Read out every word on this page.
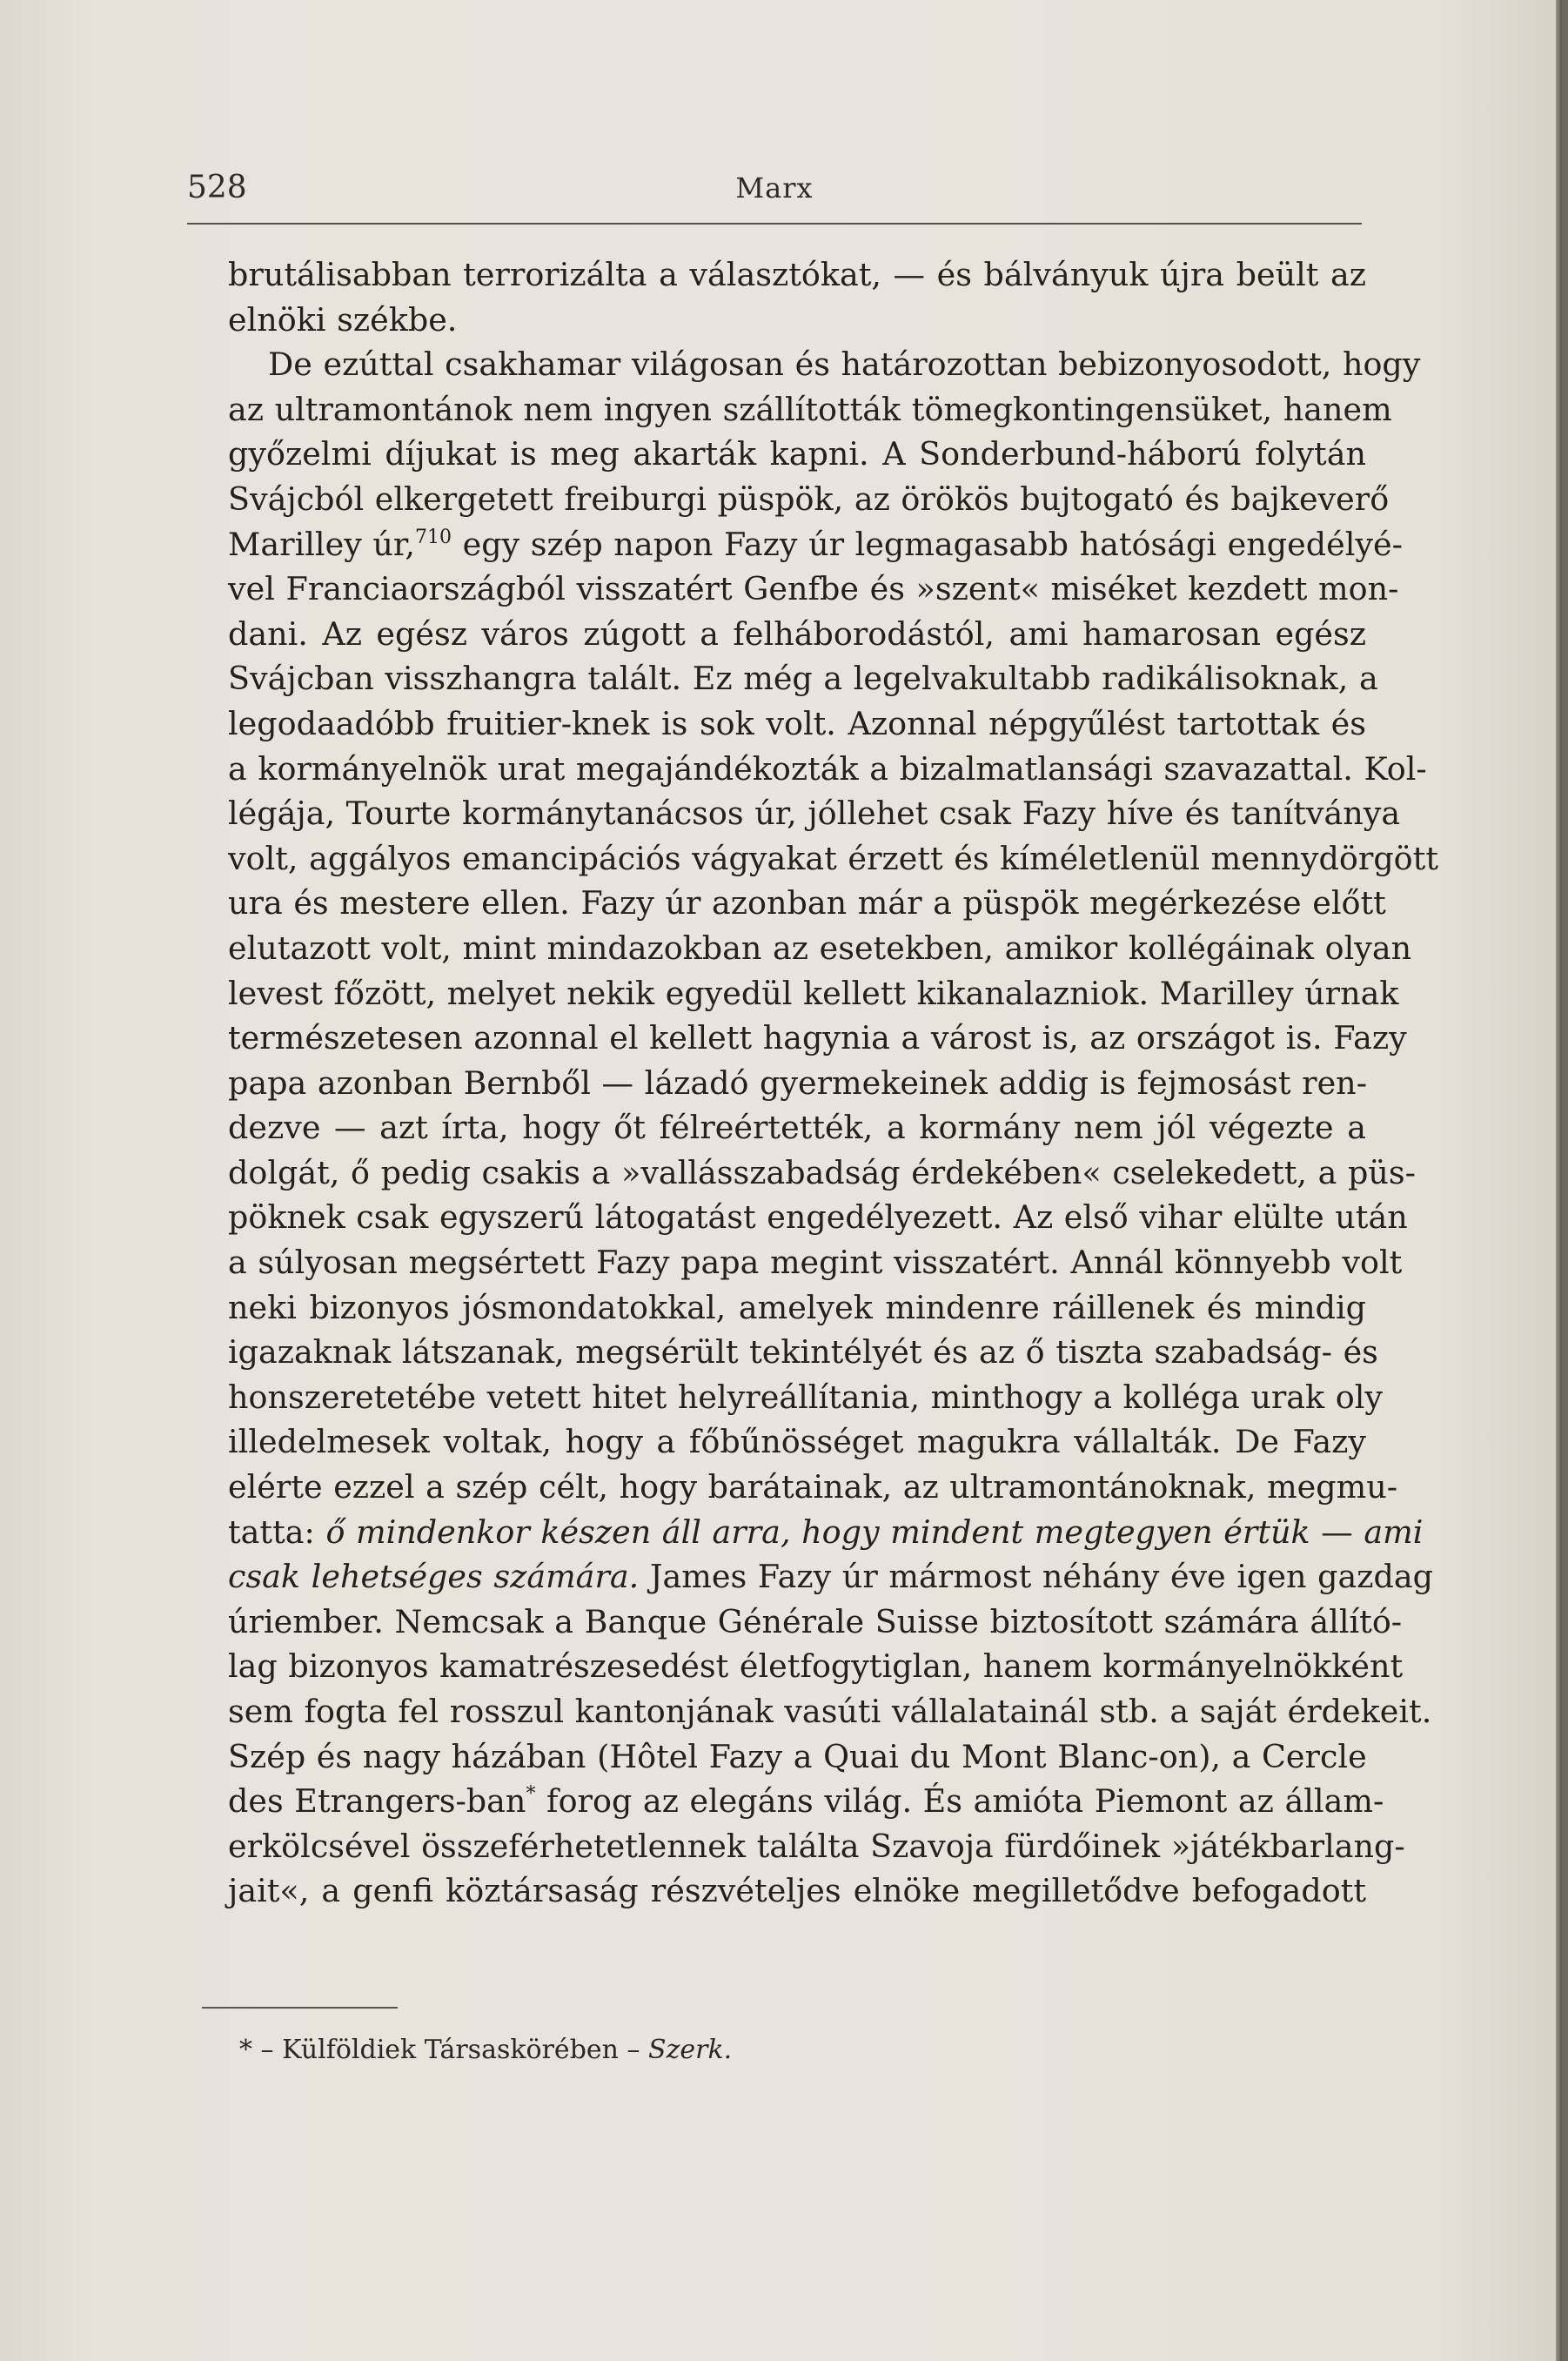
528	Marx
brutálisabban terrorizálta a választókat, — és bálványuk újra beült az
elnöki székbe.
De ezúttal csakhamar világosan és határozottan bebizonyosodott, hogy
az ultramontánok nem ingyen szállították tömegkontingensüket, hanem
győzelmi díjukat is meg akarták kapni. A Sonderbund-háború folytán
Svájcból elkergetett freiburgi püspök, az örökös bujtogató és bajkeverő
Marilley úr,$^{710}$ egy szép napon Fazy úr legmagasabb hatósági engedélyé-
vel Franciaországból visszatért Genfbe és »szent« miséket kezdett mon-
dani. Az egész város zúgott a felháborodástól, ami hamarosan egész
Svájcban visszhangra talált. Ez még a legelvakultabb radikálisoknak, a
legodaadóbb fruitier-knek is sok volt. Azonnal népgyűlést tartottak és
a kormányelnök urat megajándékozták a bizalmatlansági szavazattal. Kol-
légája, Tourte kormánytanácsos úr, jóllehet csak Fazy híve és tanítványa
volt, aggályos emancipációs vágyakat érzett és kíméletlenül mennydörgött
ura és mestere ellen. Fazy úr azonban már a püspök megérkezése előtt
elutazott volt, mint mindazokban az esetekben, amikor kollégáinak olyan
levest főzött, melyet nekik egyedül kellett kikanalazniok. Marilley úrnak
természetesen azonnal el kellett hagynia a várost is, az országot is. Fazy
papa azonban Bernből — lázadó gyermekeinek addig is fejmosást ren-
dezve — azt írta, hogy őt félreértették, a kormány nem jól végezte a
dolgát, ő pedig csakis a »vallásszabadság érdekében« cselekedett, a püs-
pöknek csak egyszerű látogatást engedélyezett. Az első vihar elülte után
a súlyosan megsértett Fazy papa megint visszatért. Annál könnyebb volt
neki bizonyos jósmondatokkal, amelyek mindenre ráillenek és mindig
igazaknak látszanak, megsérült tekintélyét és az ő tiszta szabadság- és
honszeretetébe vetett hitet helyreállítania, minthogy a kolléga urak oly
illedelmesek voltak, hogy a főbűnösséget magukra vállalták. De Fazy
elérte ezzel a szép célt, hogy barátainak, az ultramontánoknak, megmu-
tatta: ő mindenkor készen áll arra, hogy mindent megtegyen értük — ami
csak lehetséges számára. James Fazy úr mármost néhány éve igen gazdag
úriember. Nemcsak a Banque Générale Suisse biztosított számára állító-
lag bizonyos kamatrészesedést életfogytiglan, hanem kormányelnökként
sem fogta fel rosszul kantonjának vasúti vállalatainál stb. a saját érdekeit.
Szép és nagy házában (Hôtel Fazy a Quai du Mont Blanc-on), a Cercle
des Etrangers-ban* forog az elegáns világ. És amióta Piemont az állam-
erkölcsével összeférhetetlennek találta Szavoja fürdőinek »játékbarlang-
jait«, a genfi köztársaság részvételjes elnöke megilletődve befogadott
* – Külföldiek Társaskörében – Szerk.
